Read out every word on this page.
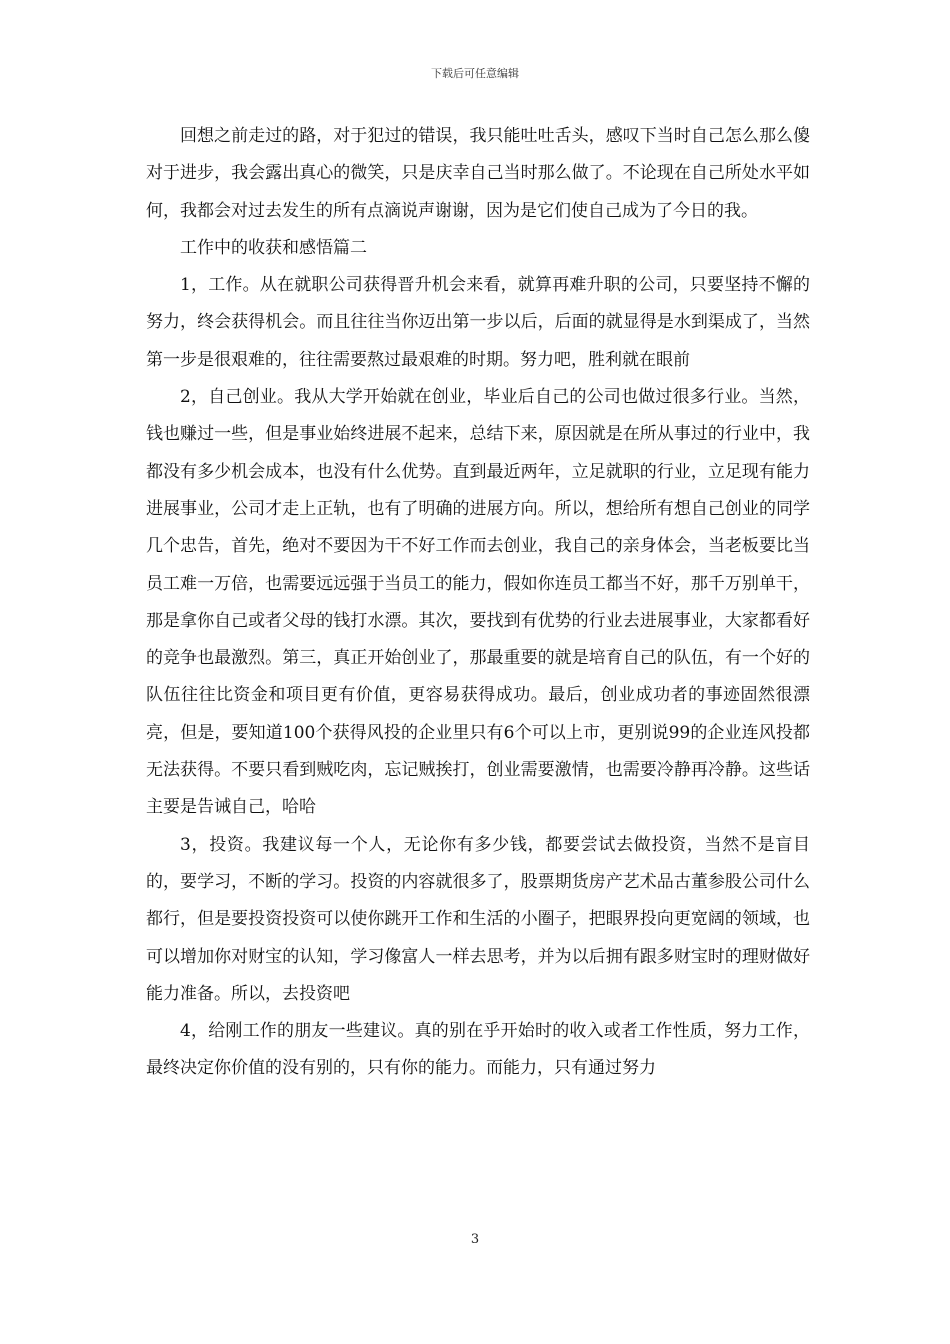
下载后可任意编辑

回想之前走过的路，对于犯过的错误，我只能吐吐舌头，感叹下当时自己怎么那么傻对于进步，我会露出真心的微笑，只是庆幸自己当时那么做了。不论现在自己所处水平如何，我都会对过去发生的所有点滴说声谢谢，因为是它们使自己成为了今日的我。

工作中的收获和感悟篇二

1，工作。从在就职公司获得晋升机会来看，就算再难升职的公司，只要坚持不懈的努力，终会获得机会。而且往往当你迈出第一步以后，后面的就显得是水到渠成了，当然第一步是很艰难的，往往需要熬过最艰难的时期。努力吧，胜利就在眼前

2，自己创业。我从大学开始就在创业，毕业后自己的公司也做过很多行业。当然，钱也赚过一些，但是事业始终进展不起来，总结下来，原因就是在所从事过的行业中，我都没有多少机会成本，也没有什么优势。直到最近两年，立足就职的行业，立足现有能力进展事业，公司才走上正轨，也有了明确的进展方向。所以，想给所有想自己创业的同学几个忠告，首先，绝对不要因为干不好工作而去创业，我自己的亲身体会，当老板要比当员工难一万倍，也需要远远强于当员工的能力，假如你连员工都当不好，那千万别单干，那是拿你自己或者父母的钱打水漂。其次，要找到有优势的行业去进展事业，大家都看好的竞争也最激烈。第三，真正开始创业了，那最重要的就是培育自己的队伍，有一个好的队伍往往比资金和项目更有价值，更容易获得成功。最后，创业成功者的事迹固然很漂亮，但是，要知道100个获得风投的企业里只有6个可以上市，更别说99的企业连风投都无法获得。不要只看到贼吃肉，忘记贼挨打，创业需要激情，也需要冷静再冷静。这些话主要是告诫自己，哈哈

3，投资。我建议每一个人，无论你有多少钱，都要尝试去做投资，当然不是盲目的，要学习，不断的学习。投资的内容就很多了，股票期货房产艺术品古董参股公司什么都行，但是要投资投资可以使你跳开工作和生活的小圈子，把眼界投向更宽阔的领域，也可以增加你对财宝的认知，学习像富人一样去思考，并为以后拥有跟多财宝时的理财做好能力准备。所以，去投资吧

4，给刚工作的朋友一些建议。真的别在乎开始时的收入或者工作性质，努力工作，最终决定你价值的没有别的，只有你的能力。而能力，只有通过努力

3
